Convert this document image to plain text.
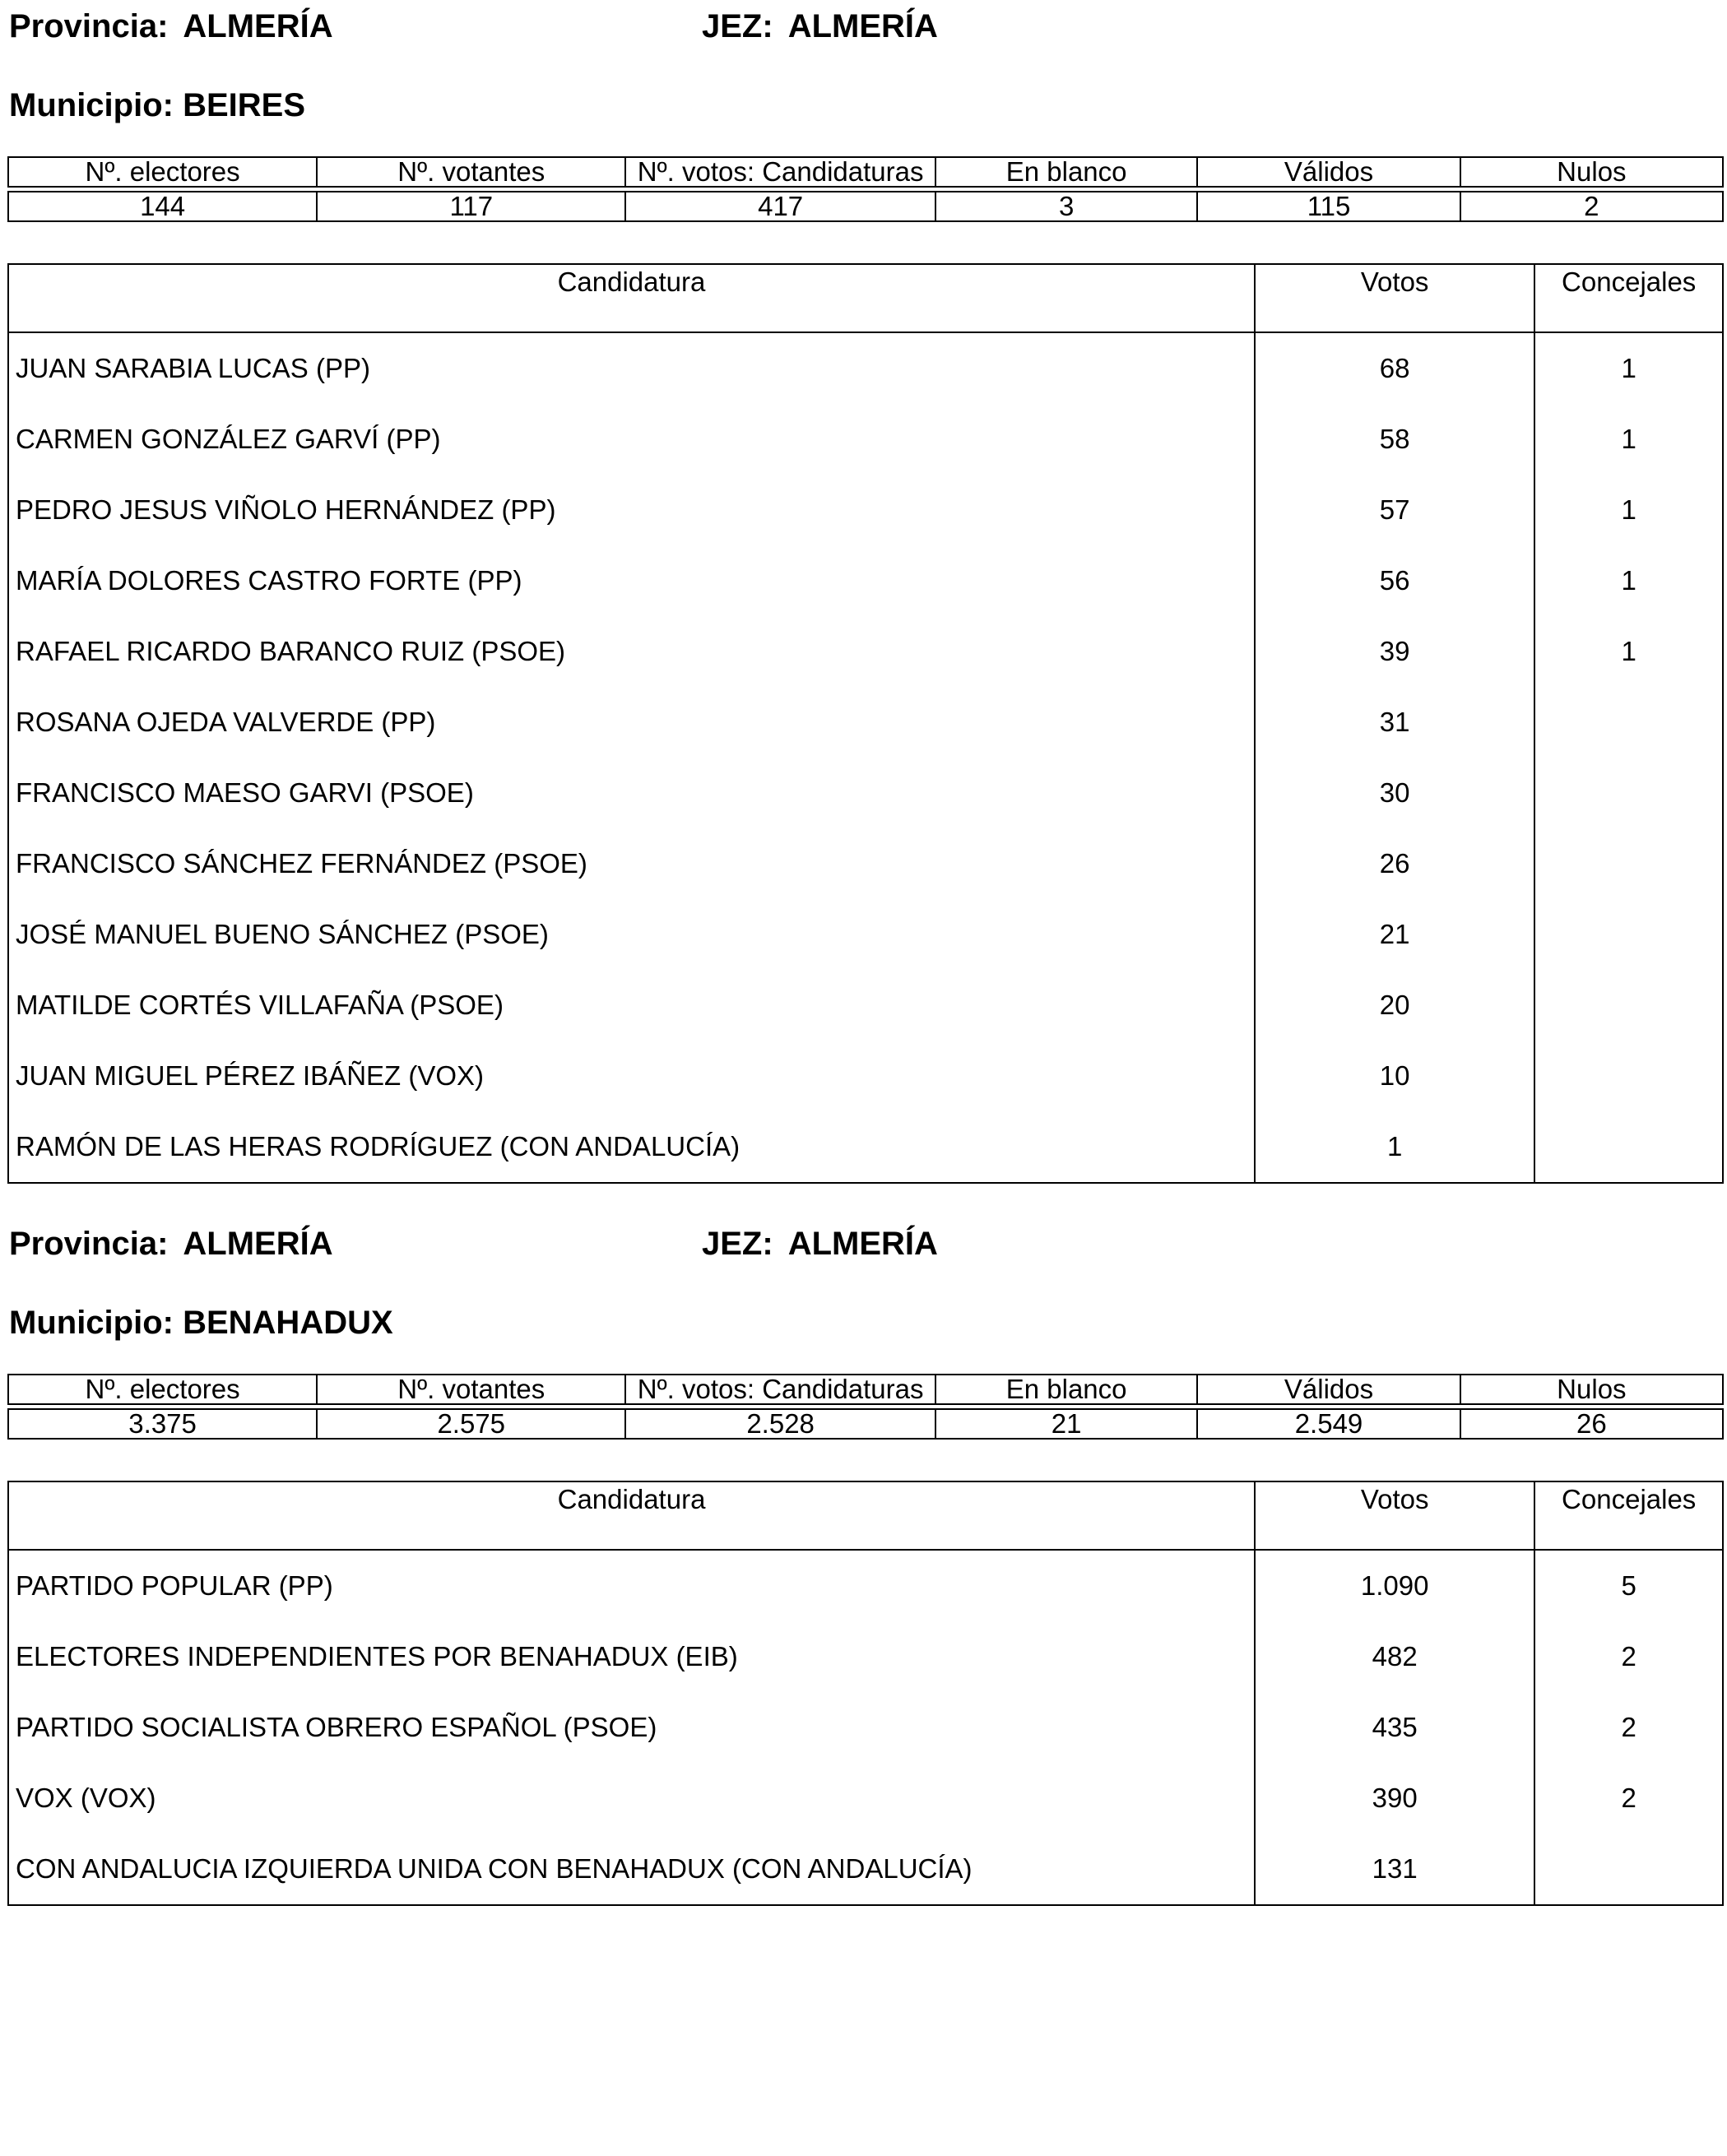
Provincia: ALMERÍA	JEZ: ALMERÍA
Municipio: BEIRES
Nº. electores	Nº. votantes	Nº. votos: Candidaturas	En blanco	Válidos	Nulos

144	117	417	3	115	2
Candidatura	Votos	Concejales
JUAN SARABIA LUCAS (PP)	68	1
CARMEN GONZÁLEZ GARVÍ (PP)	58	1
PEDRO JESUS VIÑOLO HERNÁNDEZ (PP)	57	1
MARÍA DOLORES CASTRO FORTE (PP)	56	1
RAFAEL RICARDO BARANCO RUIZ (PSOE)	39	1
ROSANA OJEDA VALVERDE (PP)	31	
FRANCISCO MAESO GARVI (PSOE)	30	
FRANCISCO SÁNCHEZ FERNÁNDEZ (PSOE)	26	
JOSÉ MANUEL BUENO SÁNCHEZ (PSOE)	21	
MATILDE CORTÉS VILLAFAÑA (PSOE)	20	
JUAN MIGUEL PÉREZ IBÁÑEZ (VOX)	10	
RAMÓN DE LAS HERAS RODRÍGUEZ (CON ANDALUCÍA)	1	
Provincia: ALMERÍA	JEZ: ALMERÍA
Municipio: BENAHADUX
Nº. electores	Nº. votantes	Nº. votos: Candidaturas	En blanco	Válidos	Nulos

3.375	2.575	2.528	21	2.549	26
Candidatura	Votos	Concejales
PARTIDO POPULAR (PP)	1.090	5
ELECTORES INDEPENDIENTES POR BENAHADUX (EIB)	482	2
PARTIDO SOCIALISTA OBRERO ESPAÑOL (PSOE)	435	2
VOX (VOX)	390	2
CON ANDALUCIA IZQUIERDA UNIDA CON BENAHADUX (CON ANDALUCÍA)	131	
